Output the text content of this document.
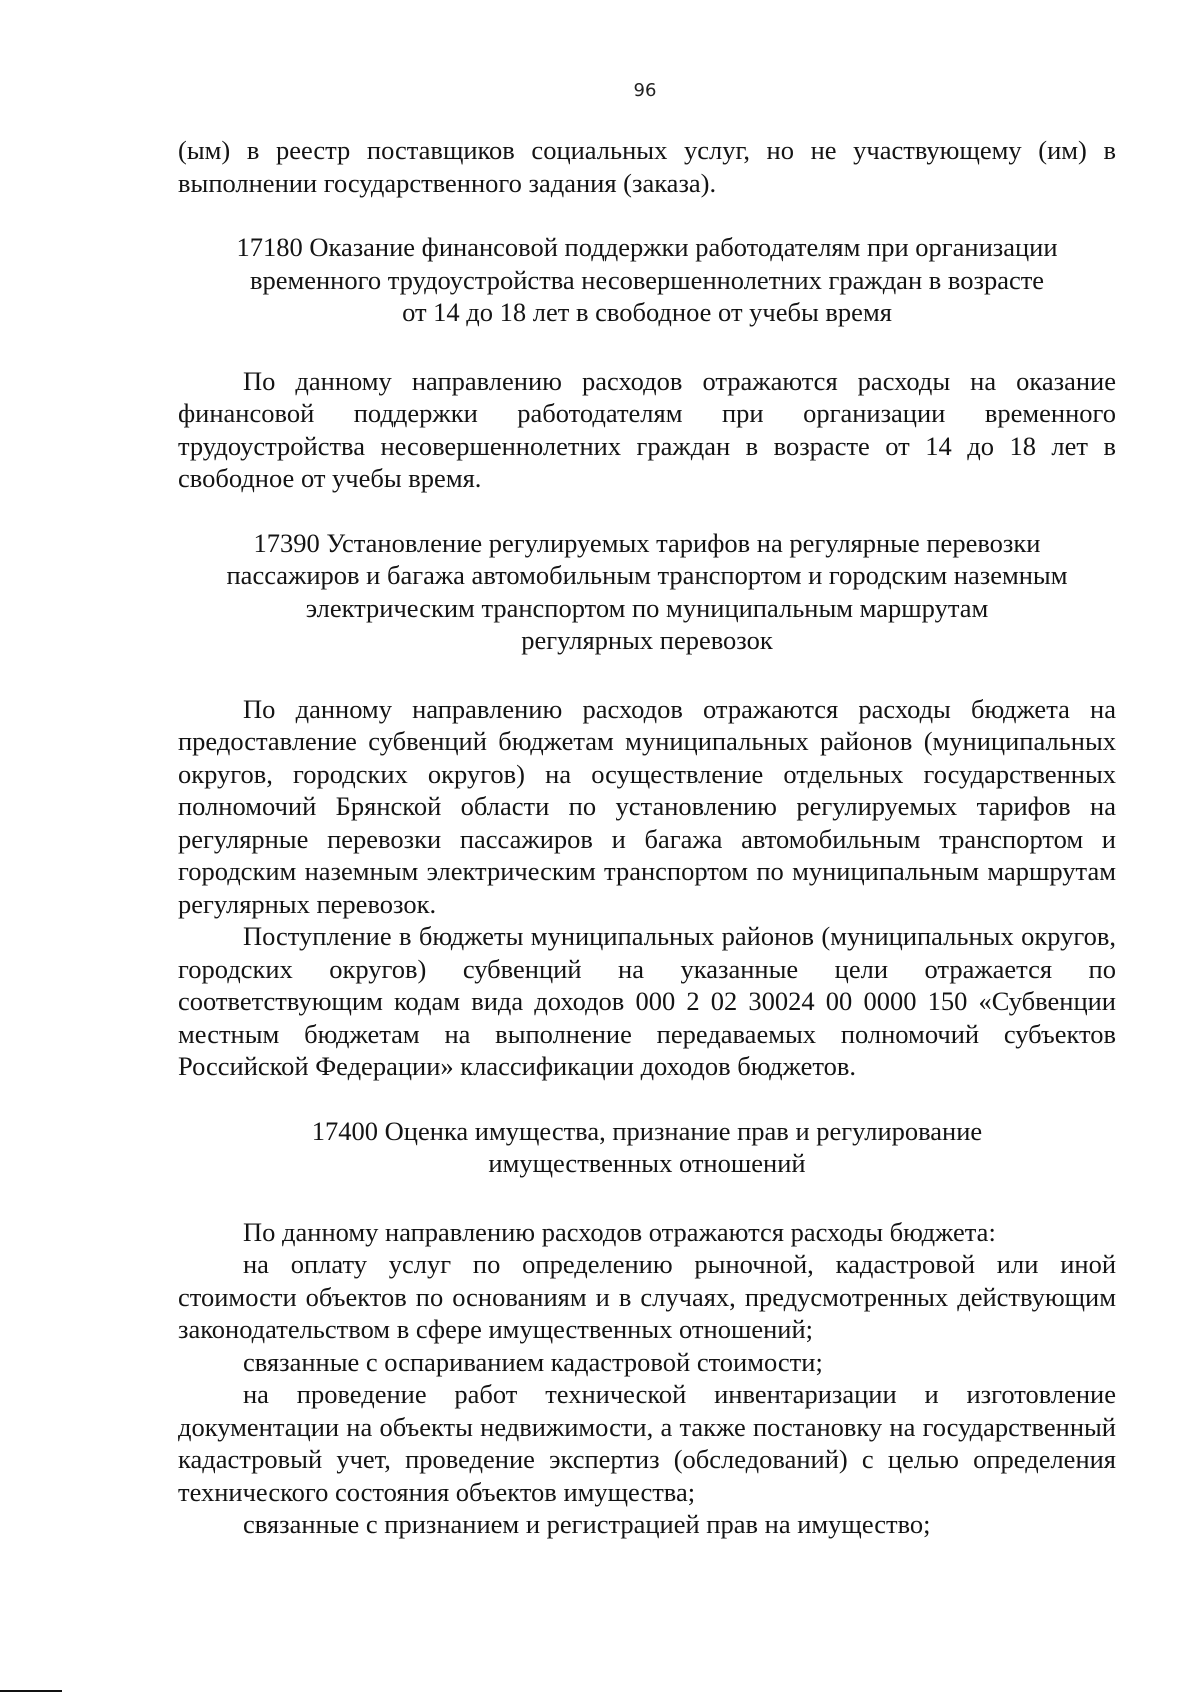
96

(ым) в реестр поставщиков социальных услуг, но не участвующему (им) в выполнении государственного задания (заказа).

17180 Оказание финансовой поддержки работодателям при организации
временного трудоустройства несовершеннолетних граждан в возрасте
от 14 до 18 лет в свободное от учебы время

По данному направлению расходов отражаются расходы на оказание финансовой поддержки работодателям при организации временного трудоустройства несовершеннолетних граждан в возрасте от 14 до 18 лет в свободное от учебы время.

17390 Установление регулируемых тарифов на регулярные перевозки
пассажиров и багажа автомобильным транспортом и городским наземным
электрическим транспортом по муниципальным маршрутам
регулярных перевозок

По данному направлению расходов отражаются расходы бюджета на предоставление субвенций бюджетам муниципальных районов (муниципальных округов, городских округов) на осуществление отдельных государственных полномочий Брянской области по установлению регулируемых тарифов на регулярные перевозки пассажиров и багажа автомобильным транспортом и городским наземным электрическим транспортом по муниципальным маршрутам регулярных перевозок.

Поступление в бюджеты муниципальных районов (муниципальных округов, городских округов) субвенций на указанные цели отражается по соответствующим кодам вида доходов 000 2 02 30024 00 0000 150 «Субвенции местным бюджетам на выполнение передаваемых полномочий субъектов Российской Федерации» классификации доходов бюджетов.

17400 Оценка имущества, признание прав и регулирование
имущественных отношений

По данному направлению расходов отражаются расходы бюджета:

на оплату услуг по определению рыночной, кадастровой или иной стоимости объектов по основаниям и в случаях, предусмотренных действующим законодательством в сфере имущественных отношений;

связанные с оспариванием кадастровой стоимости;

на проведение работ технической инвентаризации и изготовление документации на объекты недвижимости, а также постановку на государственный кадастровый учет, проведение экспертиз (обследований) с целью определения технического состояния объектов имущества;

связанные с признанием и регистрацией прав на имущество;
